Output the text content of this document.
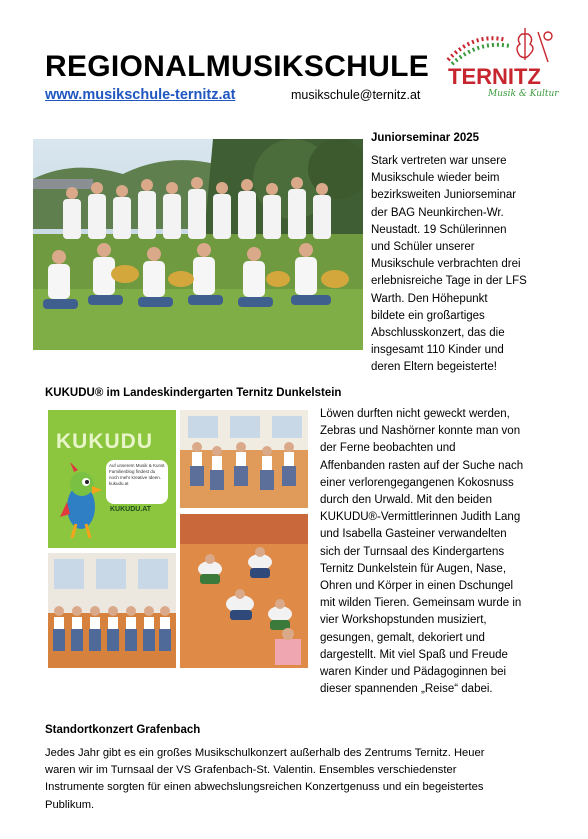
REGIONALMUSIKSCHULE
www.musikschule-ternitz.at	musikschule@ternitz.at
TERNITZ
Musik & Kultur
Juniorseminar 2025
Stark vertreten war unsere
Musikschule wieder beim
bezirksweiten Juniorseminar
der BAG Neunkirchen-Wr.
Neustadt. 19 Schülerinnen
und Schüler unserer
Musikschule verbrachten drei
erlebnisreiche Tage in der LFS
Warth. Den Höhepunkt
bildete ein großartiges
Abschlusskonzert, das die
insgesamt 110 Kinder und
deren Eltern begeisterte!
KUKUDU® im Landeskindergarten Ternitz Dunkelstein
KUKUDU
Auf unserem Musik & Kunst Familienblog findest du noch mehr kreative Ideen. kukudu.at
KUKUDU.AT
Löwen durften nicht geweckt werden,
Zebras und Nashörner konnte man von
der Ferne beobachten und
Affenbanden rasten auf der Suche nach
einer verlorengegangenen Kokosnuss
durch den Urwald. Mit den beiden
KUKUDU®-Vermittlerinnen Judith Lang
und Isabella Gasteiner verwandelten
sich der Turnsaal des Kindergartens
Ternitz Dunkelstein für Augen, Nase,
Ohren und Körper in einen Dschungel
mit wilden Tieren. Gemeinsam wurde in
vier Workshopstunden musiziert,
gesungen, gemalt, dekoriert und
dargestellt. Mit viel Spaß und Freude
waren Kinder und Pädagoginnen bei
dieser spannenden „Reise“ dabei.
Standortkonzert Grafenbach
Jedes Jahr gibt es ein großes Musikschulkonzert außerhalb des Zentrums Ternitz. Heuer
waren wir im Turnsaal der VS Grafenbach-St. Valentin. Ensembles verschiedenster
Instrumente sorgten für einen abwechslungsreichen Konzertgenuss und ein begeistertes
Publikum.
